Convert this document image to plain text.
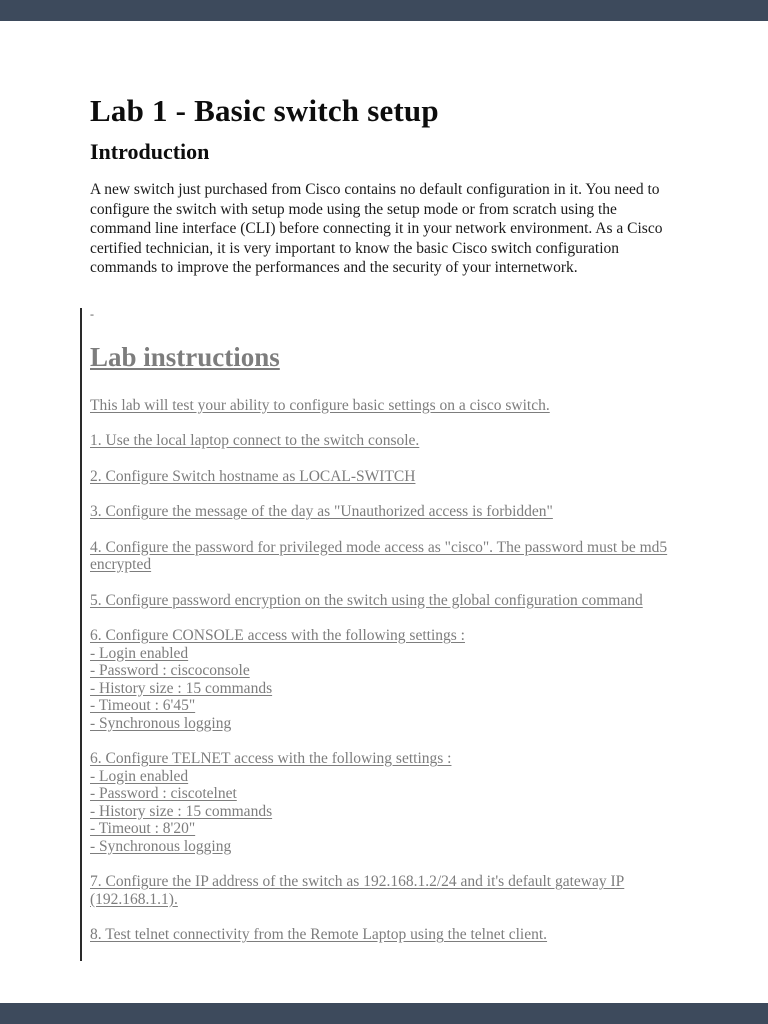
Lab 1 - Basic switch setup
Introduction

A new switch just purchased from Cisco contains no default configuration in it. You need to configure the switch with setup mode using the setup mode or from scratch using the command line interface (CLI) before connecting it in your network environment. As a Cisco certified technician, it is very important to know the basic Cisco switch configuration commands to improve the performances and the security of your internetwork.

-
Lab instructions
This lab will test your ability to configure basic settings on a cisco switch.
1. Use the local laptop connect to the switch console.
2. Configure Switch hostname as LOCAL-SWITCH
3. Configure the message of the day as "Unauthorized access is forbidden"
4. Configure the password for privileged mode access as "cisco". The password must be md5 encrypted
5. Configure password encryption on the switch using the global configuration command
6. Configure CONSOLE access with the following settings :
- Login enabled
- Password : ciscoconsole
- History size : 15 commands
- Timeout : 6'45"
- Synchronous logging
6. Configure TELNET access with the following settings :
- Login enabled
- Password : ciscotelnet
- History size : 15 commands
- Timeout : 8'20"
- Synchronous logging
7. Configure the IP address of the switch as 192.168.1.2/24 and it's default gateway IP (192.168.1.1).
8. Test telnet connectivity from the Remote Laptop using the telnet client.
